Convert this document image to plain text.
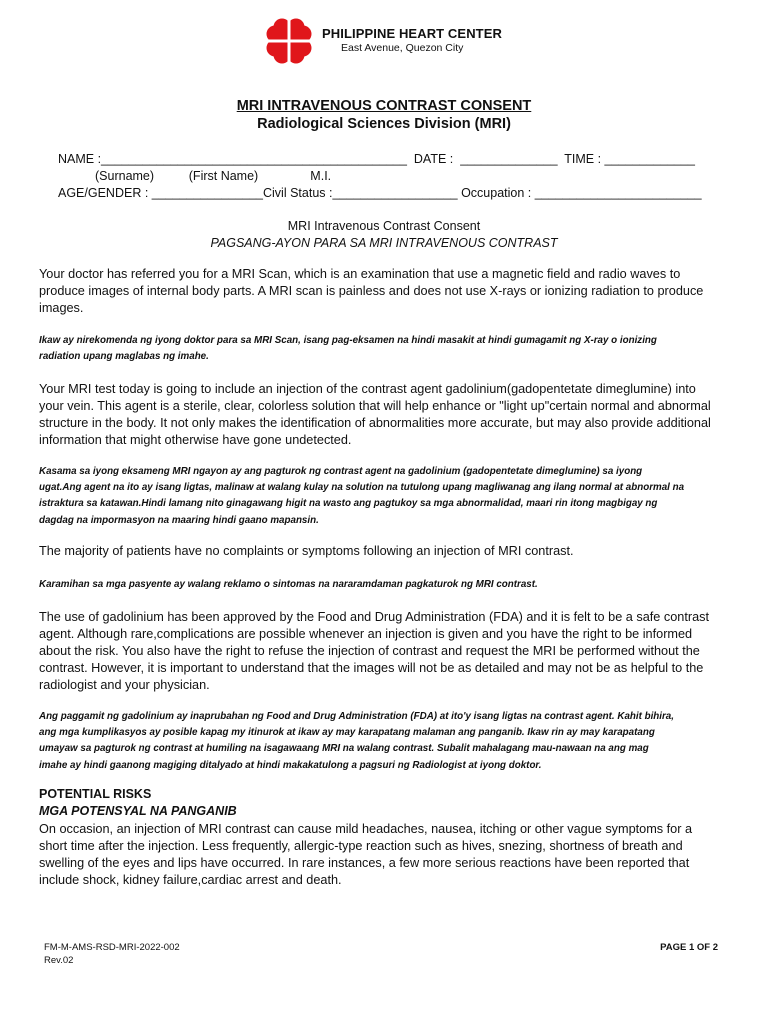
PHILIPPINE HEART CENTER
East Avenue, Quezon City
MRI INTRAVENOUS CONTRAST CONSENT
Radiological Sciences Division (MRI)
NAME :____________________________________________  DATE :  ______________  TIME : _____________
(Surname)          (First Name)               M.I.
AGE/GENDER : ________________Civil Status :__________________ Occupation : ________________________
MRI Intravenous Contrast Consent
PAGSANG-AYON PARA SA MRI INTRAVENOUS CONTRAST

Your doctor has referred you for a MRI Scan, which is an examination that use a magnetic field and radio waves to produce images of internal body parts. A MRI scan is painless and does not use X-rays or ionizing radiation to produce images.

Ikaw ay nirekomenda ng iyong doktor para sa MRI Scan, isang pag-eksamen na hindi masakit at hindi gumagamit ng X-ray o ionizing radiation upang maglabas ng imahe.

Your MRI test today is going to include an injection of the contrast agent gadolinium(gadopentetate dimeglumine) into your vein. This agent is a sterile, clear, colorless solution that will help enhance or "light up"certain normal and abnormal structure in the body. It not only makes the identification of abnormalities more accurate, but may also provide additional information that might otherwise have gone undetected.

Kasama sa iyong eksameng MRI ngayon ay ang pagturok ng contrast agent na gadolinium (gadopentetate dimeglumine) sa iyong ugat.Ang agent na ito ay isang ligtas, malinaw at walang kulay na solution na tutulong upang magliwanag ang ilang normal at abnormal na istraktura sa katawan.Hindi lamang nito ginagawang higit na wasto ang pagtukoy sa mga abnormalidad, maari rin itong magbigay ng dagdag na impormasyon na maaring hindi gaano mapansin.

The majority of patients have no complaints or symptoms following an injection of MRI contrast.

Karamihan sa mga pasyente ay walang reklamo o sintomas na nararamdaman pagkaturok ng MRI contrast.

The use of gadolinium has been approved by the Food and Drug Administration (FDA) and it is felt to be a safe contrast agent. Although rare,complications are possible whenever an injection is given and you have the right to be informed about the risk. You also have the right to refuse the injection of contrast and request the MRI be performed without the contrast. However, it is important to understand that the images will not be as detailed and may not be as helpful to the radiologist and your physician.

Ang paggamit ng gadolinium ay inaprubahan ng Food and Drug Administration (FDA) at ito'y isang ligtas na contrast agent. Kahit bihira, ang mga kumplikasyos ay posible kapag my itinurok at ikaw ay may karapatang malaman ang panganib. Ikaw rin ay may karapatang umayaw sa pagturok ng contrast at humiling na isagawaang MRI na walang contrast. Subalit mahalagang mau-nawaan na ang mag imahe ay hindi gaanong magiging ditalyado at hindi makakatulong a pagsuri ng Radiologist at iyong doktor.

POTENTIAL RISKS
MGA POTENSYAL NA PANGANIB

On occasion, an injection of MRI contrast can cause mild headaches, nausea, itching or other vague symptoms for a short time after the injection. Less frequently, allergic-type reaction such as hives, snezing, shortness of breath and swelling of the eyes and lips have occurred. In rare instances, a few more serious reactions have been reported that include shock, kidney failure,cardiac arrest and death.

FM-M-AMS-RSD-MRI-2022-002
Rev.02
PAGE 1 OF 2
